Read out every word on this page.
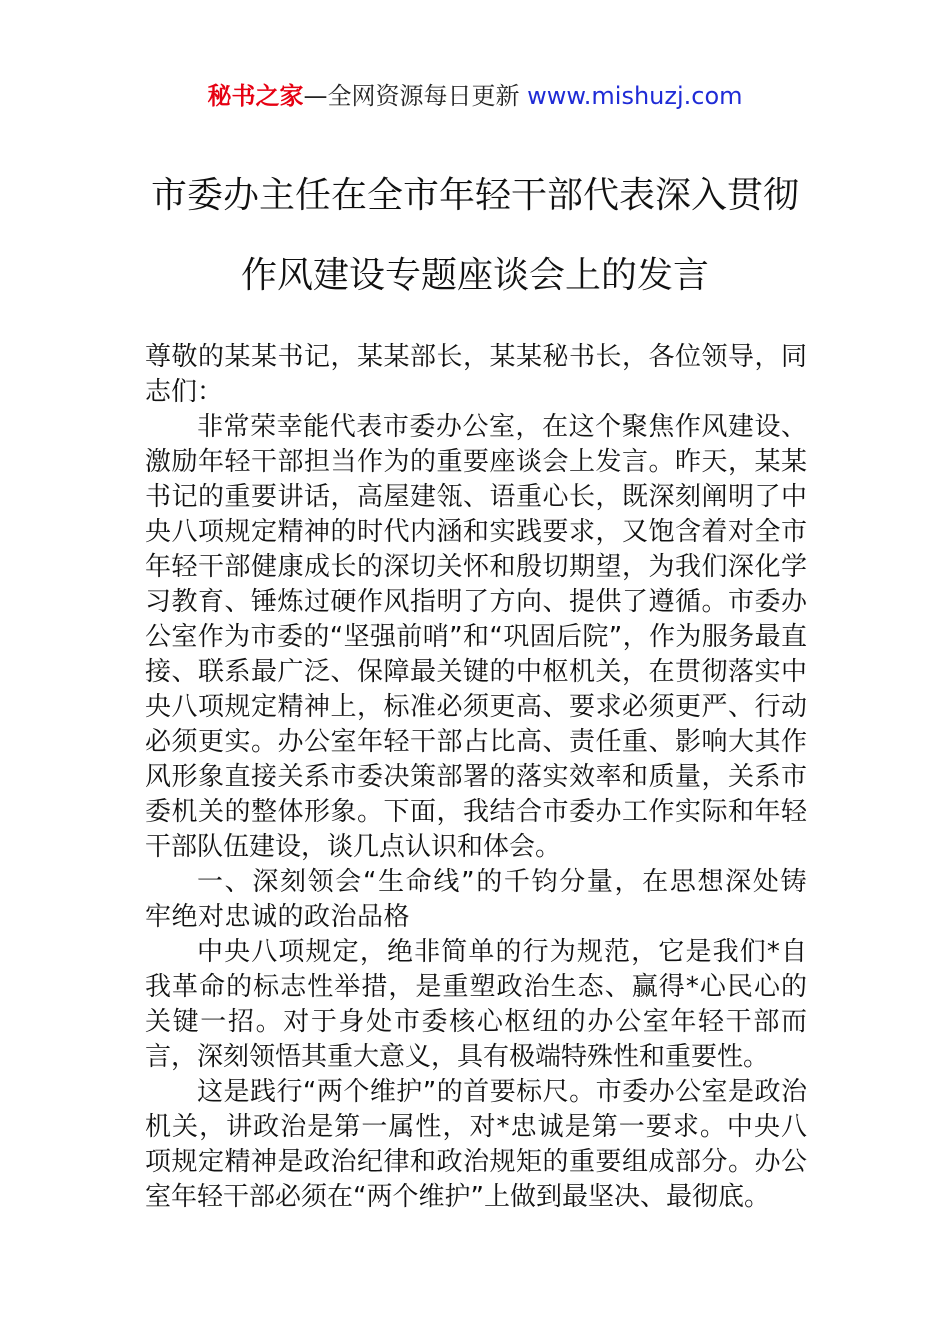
秘书之家—全网资源每日更新 www.mishuzj.com
市委办主任在全市年轻干部代表深入贯彻
作风建设专题座谈会上的发言

尊敬的某某书记，某某部长，某某秘书长，各位领导，同志们：

非常荣幸能代表市委办公室，在这个聚焦作风建设、激励年轻干部担当作为的重要座谈会上发言。昨天，某某书记的重要讲话，高屋建瓴、语重心长，既深刻阐明了中央八项规定精神的时代内涵和实践要求，又饱含着对全市年轻干部健康成长的深切关怀和殷切期望，为我们深化学习教育、锤炼过硬作风指明了方向、提供了遵循。市委办公室作为市委的“坚强前哨”和“巩固后院”，作为服务最直接、联系最广泛、保障最关键的中枢机关，在贯彻落实中央八项规定精神上，标准必须更高、要求必须更严、行动必须更实。办公室年轻干部占比高、责任重、影响大其作风形象直接关系市委决策部署的落实效率和质量，关系市委机关的整体形象。下面，我结合市委办工作实际和年轻干部队伍建设，谈几点认识和体会。

一、深刻领会“生命线”的千钧分量，在思想深处铸牢绝对忠诚的政治品格

中央八项规定，绝非简单的行为规范，它是我们*自我革命的标志性举措，是重塑政治生态、赢得*心民心的关键一招。对于身处市委核心枢纽的办公室年轻干部而言，深刻领悟其重大意义，具有极端特殊性和重要性。

这是践行“两个维护”的首要标尺。市委办公室是政治机关，讲政治是第一属性，对*忠诚是第一要求。中央八项规定精神是政治纪律和政治规矩的重要组成部分。办公室年轻干部必须在“两个维护”上做到最坚决、最彻底。
